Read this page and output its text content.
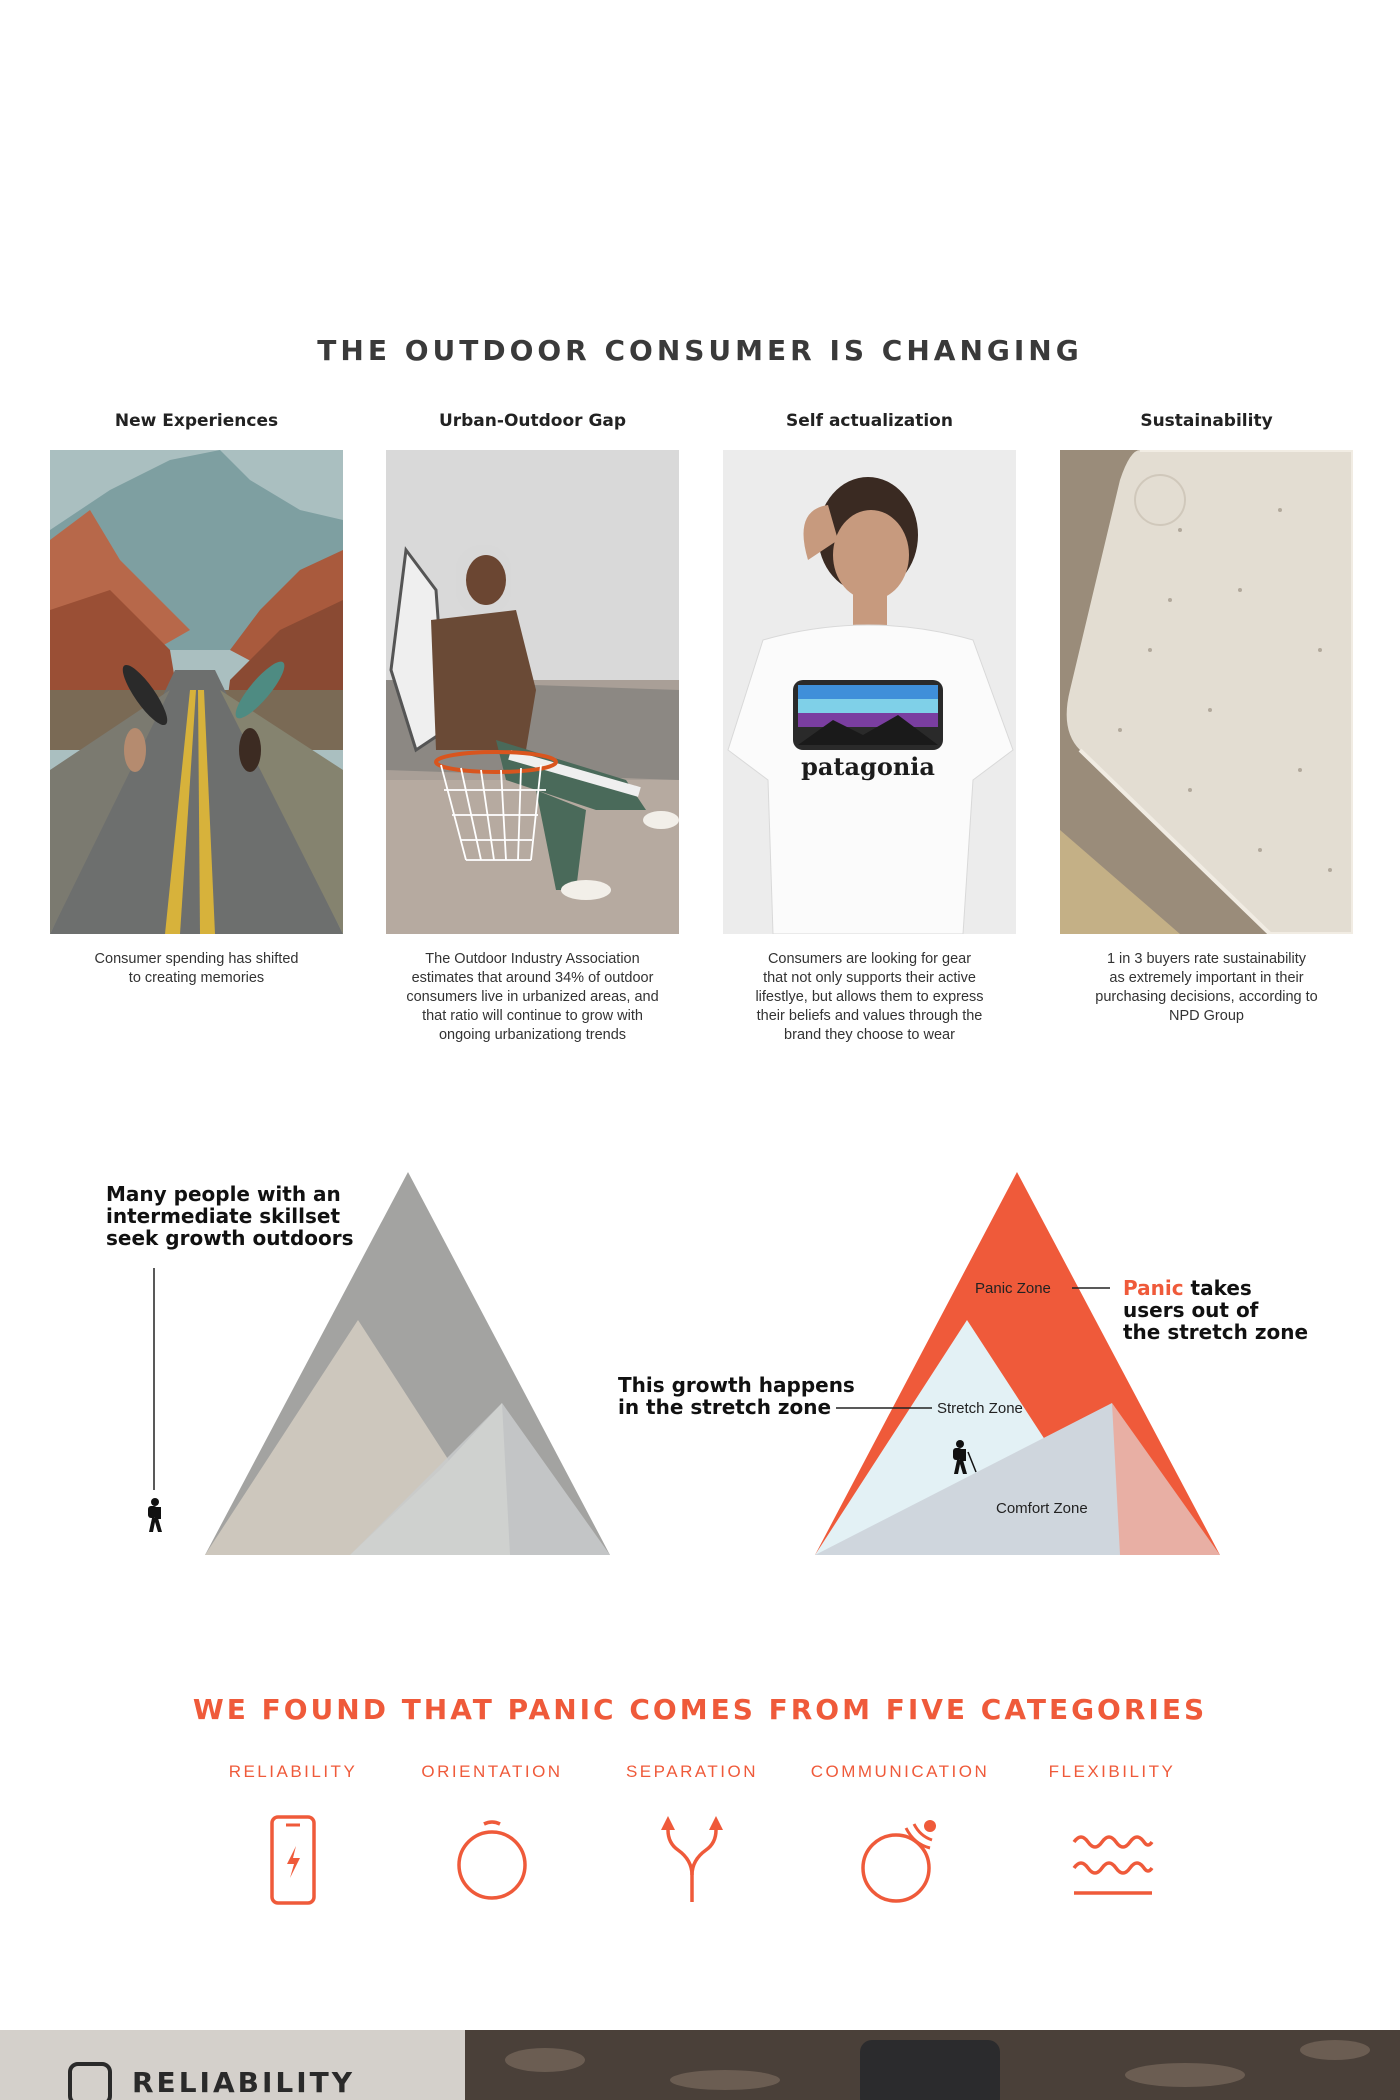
THE OUTDOOR CONSUMER IS CHANGING
New Experiences	Urban-Outdoor Gap	Self actualization	Sustainability
patagonia
Consumer spending has shifted
to creating memories
The Outdoor Industry Association
estimates that around 34% of outdoor
consumers live in urbanized areas, and
that ratio will continue to grow with
ongoing urbanizationg trends
Consumers are looking for gear
that not only supports their active
lifestlye, but allows them to express
their beliefs and values through the
brand they choose to wear
1 in 3 buyers rate sustainability
as extremely important in their
purchasing decisions, according to
NPD Group
Many people with an
intermediate skillset
seek growth outdoors
This growth happens
in the stretch zone
Panic takes
users out of
the stretch zone
Panic Zone
Stretch Zone
Comfort Zone
WE FOUND THAT PANIC COMES FROM FIVE CATEGORIES
RELIABILITY	ORIENTATION	SEPARATION	COMMUNICATION	FLEXIBILITY
RELIABILITY
